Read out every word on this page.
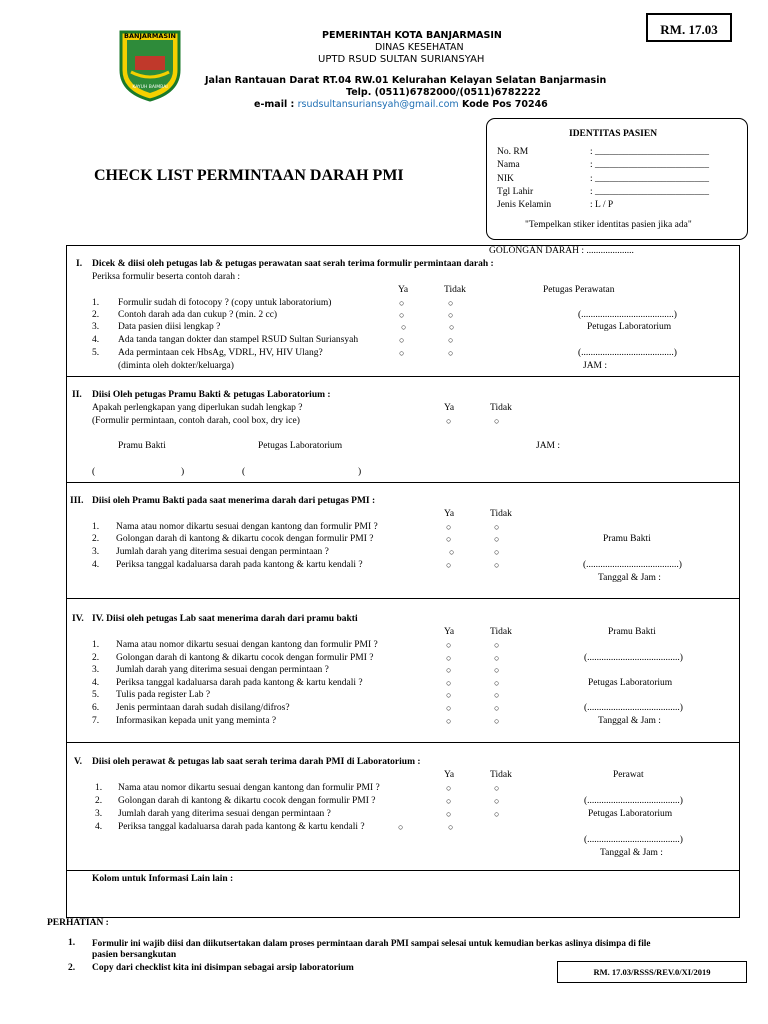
BANJARMASIN
KAYUH BAIMBAI
RM. 17.03
PEMERINTAH KOTA BANJARMASIN
DINAS KESEHATAN
UPTD RSUD SULTAN SURIANSYAH
Jalan Rantauan Darat RT.04 RW.01 Kelurahan Kelayan Selatan Banjarmasin
Telp. (0511)6782000/(0511)6782222
e-mail : rsudsultansuriansyah@gmail.com Kode Pos 70246
CHECK LIST PERMINTAAN DARAH PMI
IDENTITAS PASIEN
No. RM	: ________________________
Nama	: ________________________
NIK	: ________________________
Tgl Lahir	: ________________________
Jenis Kelamin	: L / P
"Tempelkan stiker identitas pasien jika ada"
GOLONGAN DARAH : ....................
I. Dicek & diisi oleh petugas lab & petugas perawatan saat serah terima formulir permintaan darah :
Periksa formulir beserta contoh darah :
Ya	Tidak	Petugas Perawatan
1. Formulir sudah di fotocopy ? (copy untuk laboratorium)	○	○
2. Contoh darah ada dan cukup ? (min. 2 cc)	○	○	(.......................................)
3. Data pasien diisi lengkap ?	○	○	Petugas Laboratorium
4. Ada tanda tangan dokter dan stampel RSUD Sultan Suriansyah	○	○
5. Ada permintaan cek HbsAg, VDRL, HV, HIV Ulang?	○	○	(.......................................)
(diminta oleh dokter/keluarga)	JAM :
II. Diisi Oleh petugas Pramu Bakti & petugas Laboratorium :
Apakah perlengkapan yang diperlukan sudah lengkap ?	Ya	Tidak
(Formulir permintaan, contoh darah, cool box, dry ice)	○	○
Pramu Bakti	Petugas Laboratorium	JAM :
(	)	(	)
III. Diisi oleh Pramu Bakti pada saat menerima darah dari petugas PMI :
Ya	Tidak
1. Nama atau nomor dikartu sesuai dengan kantong dan formulir PMI ?	○	○
2. Golongan darah di kantong & dikartu cocok dengan formulir PMI ?	○	○	Pramu Bakti
3. Jumlah darah yang diterima sesuai dengan permintaan ?	○	○
4. Periksa tanggal kadaluarsa darah pada kantong & kartu kendali ?	○	○	(.......................................)
Tanggal & Jam :
IV. IV. Diisi oleh petugas Lab saat menerima darah dari pramu bakti
Ya	Tidak	Pramu Bakti
1. Nama atau nomor dikartu sesuai dengan kantong dan formulir PMI ?	○	○
2. Golongan darah di kantong & dikartu cocok dengan formulir PMI ?	○	○	(.......................................)
3. Jumlah darah yang diterima sesuai dengan permintaan ?	○	○
4. Periksa tanggal kadaluarsa darah pada kantong & kartu kendali ?	○	○	Petugas Laboratorium
5. Tulis pada register Lab ?	○	○
6. Jenis permintaan darah sudah disilang/difros?	○	○	(.......................................)
7. Informasikan kepada unit yang meminta ?	○	○	Tanggal & Jam :
V. Diisi oleh perawat & petugas lab saat serah terima darah PMI di Laboratorium :
Ya	Tidak	Perawat
1. Nama atau nomor dikartu sesuai dengan kantong dan formulir PMI ?	○	○
2. Golongan darah di kantong & dikartu cocok dengan formulir PMI ?	○	○	(.......................................)
3. Jumlah darah yang diterima sesuai dengan permintaan ?	○	○	Petugas Laboratorium
4. Periksa tanggal kadaluarsa darah pada kantong & kartu kendali ?	○	○
(.......................................)
Tanggal & Jam :
Kolom untuk Informasi Lain lain :
PERHATIAN :
1. Formulir ini wajib diisi dan diikutsertakan dalam proses permintaan darah PMI sampai selesai untuk kemudian berkas aslinya disimpa di file
pasien bersangkutan
2. Copy dari checklist kita ini disimpan sebagai arsip laboratorium	RM. 17.03/RSSS/REV.0/XI/2019
